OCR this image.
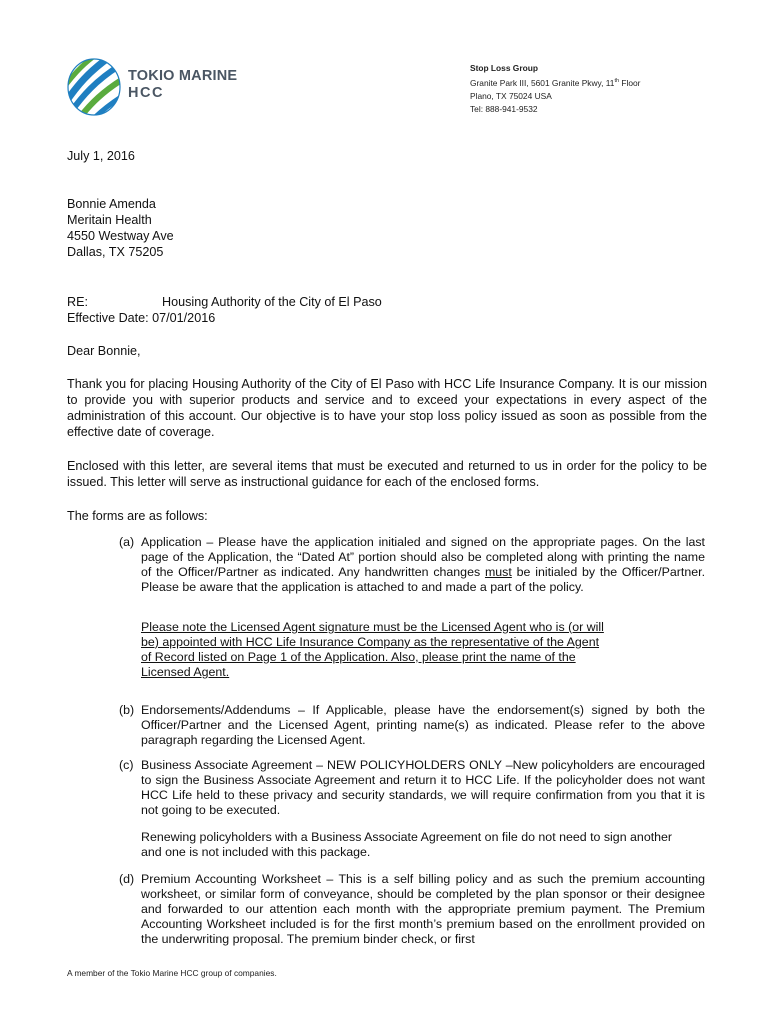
TOKIO MARINE
HCC
Stop Loss Group
Granite Park III, 5601 Granite Pkwy, 11th Floor
Plano, TX 75024 USA
Tel: 888-941-9532
July 1, 2016
Bonnie Amenda
Meritain Health
4550 Westway Ave
Dallas, TX 75205
RE:	Housing Authority of the City of El Paso
Effective Date: 07/01/2016
Dear Bonnie,
Thank you for placing Housing Authority of the City of El Paso with HCC Life Insurance Company. It is our mission to provide you with superior products and service and to exceed your expectations in every aspect of the administration of this account. Our objective is to have your stop loss policy issued as soon as possible from the effective date of coverage.
Enclosed with this letter, are several items that must be executed and returned to us in order for the policy to be issued. This letter will serve as instructional guidance for each of the enclosed forms.
The forms are as follows:
(a) Application – Please have the application initialed and signed on the appropriate pages. On the last page of the Application, the “Dated At” portion should also be completed along with printing the name of the Officer/Partner as indicated. Any handwritten changes must be initialed by the Officer/Partner. Please be aware that the application is attached to and made a part of the policy.
Please note the Licensed Agent signature must be the Licensed Agent who is (or will be) appointed with HCC Life Insurance Company as the representative of the Agent of Record listed on Page 1 of the Application. Also, please print the name of the Licensed Agent.
(b) Endorsements/Addendums – If Applicable, please have the endorsement(s) signed by both the Officer/Partner and the Licensed Agent, printing name(s) as indicated. Please refer to the above paragraph regarding the Licensed Agent.
(c) Business Associate Agreement – NEW POLICYHOLDERS ONLY –New policyholders are encouraged to sign the Business Associate Agreement and return it to HCC Life. If the policyholder does not want HCC Life held to these privacy and security standards, we will require confirmation from you that it is not going to be executed.
Renewing policyholders with a Business Associate Agreement on file do not need to sign another and one is not included with this package.
(d) Premium Accounting Worksheet – This is a self billing policy and as such the premium accounting worksheet, or similar form of conveyance, should be completed by the plan sponsor or their designee and forwarded to our attention each month with the appropriate premium payment. The Premium Accounting Worksheet included is for the first month’s premium based on the enrollment provided on the underwriting proposal. The premium binder check, or first
A member of the Tokio Marine HCC group of companies.
